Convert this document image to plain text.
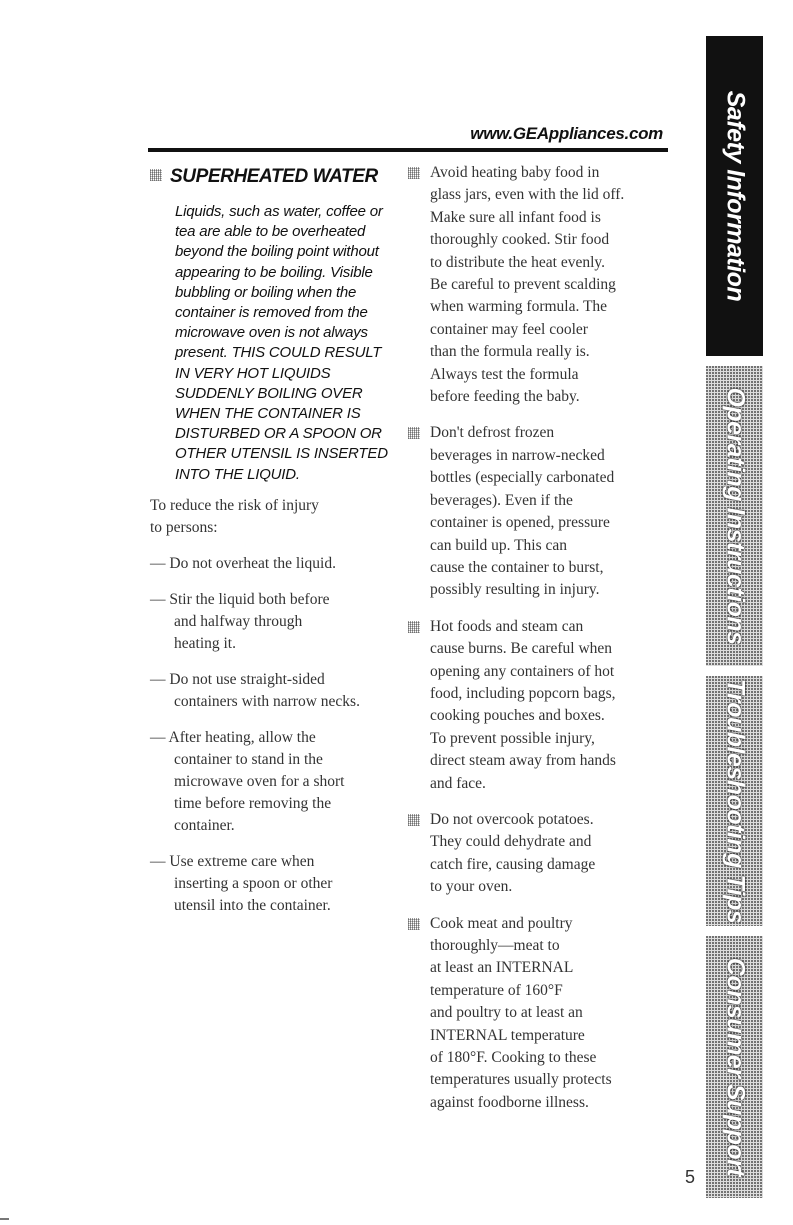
www.GEAppliances.com
SUPERHEATED WATER
Liquids, such as water, coffee or
tea are able to be overheated
beyond the boiling point without
appearing to be boiling. Visible
bubbling or boiling when the
container is removed from the
microwave oven is not always
present. THIS COULD RESULT
IN VERY HOT LIQUIDS
SUDDENLY BOILING OVER
WHEN THE CONTAINER IS
DISTURBED OR A SPOON OR
OTHER UTENSIL IS INSERTED
INTO THE LIQUID.
To reduce the risk of injury
to persons:
— Do not overheat the liquid.
— Stir the liquid both before
and halfway through
heating it.
— Do not use straight-sided
containers with narrow necks.
— After heating, allow the
container to stand in the
microwave oven for a short
time before removing the
container.
— Use extreme care when
inserting a spoon or other
utensil into the container.
Avoid heating baby food in
glass jars, even with the lid off.
Make sure all infant food is
thoroughly cooked. Stir food
to distribute the heat evenly.
Be careful to prevent scalding
when warming formula. The
container may feel cooler
than the formula really is.
Always test the formula
before feeding the baby.
Don't defrost frozen
beverages in narrow-necked
bottles (especially carbonated
beverages). Even if the
container is opened, pressure
can build up. This can
cause the container to burst,
possibly resulting in injury.
Hot foods and steam can
cause burns. Be careful when
opening any containers of hot
food, including popcorn bags,
cooking pouches and boxes.
To prevent possible injury,
direct steam away from hands
and face.
Do not overcook potatoes.
They could dehydrate and
catch fire, causing damage
to your oven.
Cook meat and poultry
thoroughly—meat to
at least an INTERNAL
temperature of 160°F
and poultry to at least an
INTERNAL temperature
of 180°F. Cooking to these
temperatures usually protects
against foodborne illness.
Safety Information
Operating Instructions
Troubleshooting Tips
Consumer Support
5
